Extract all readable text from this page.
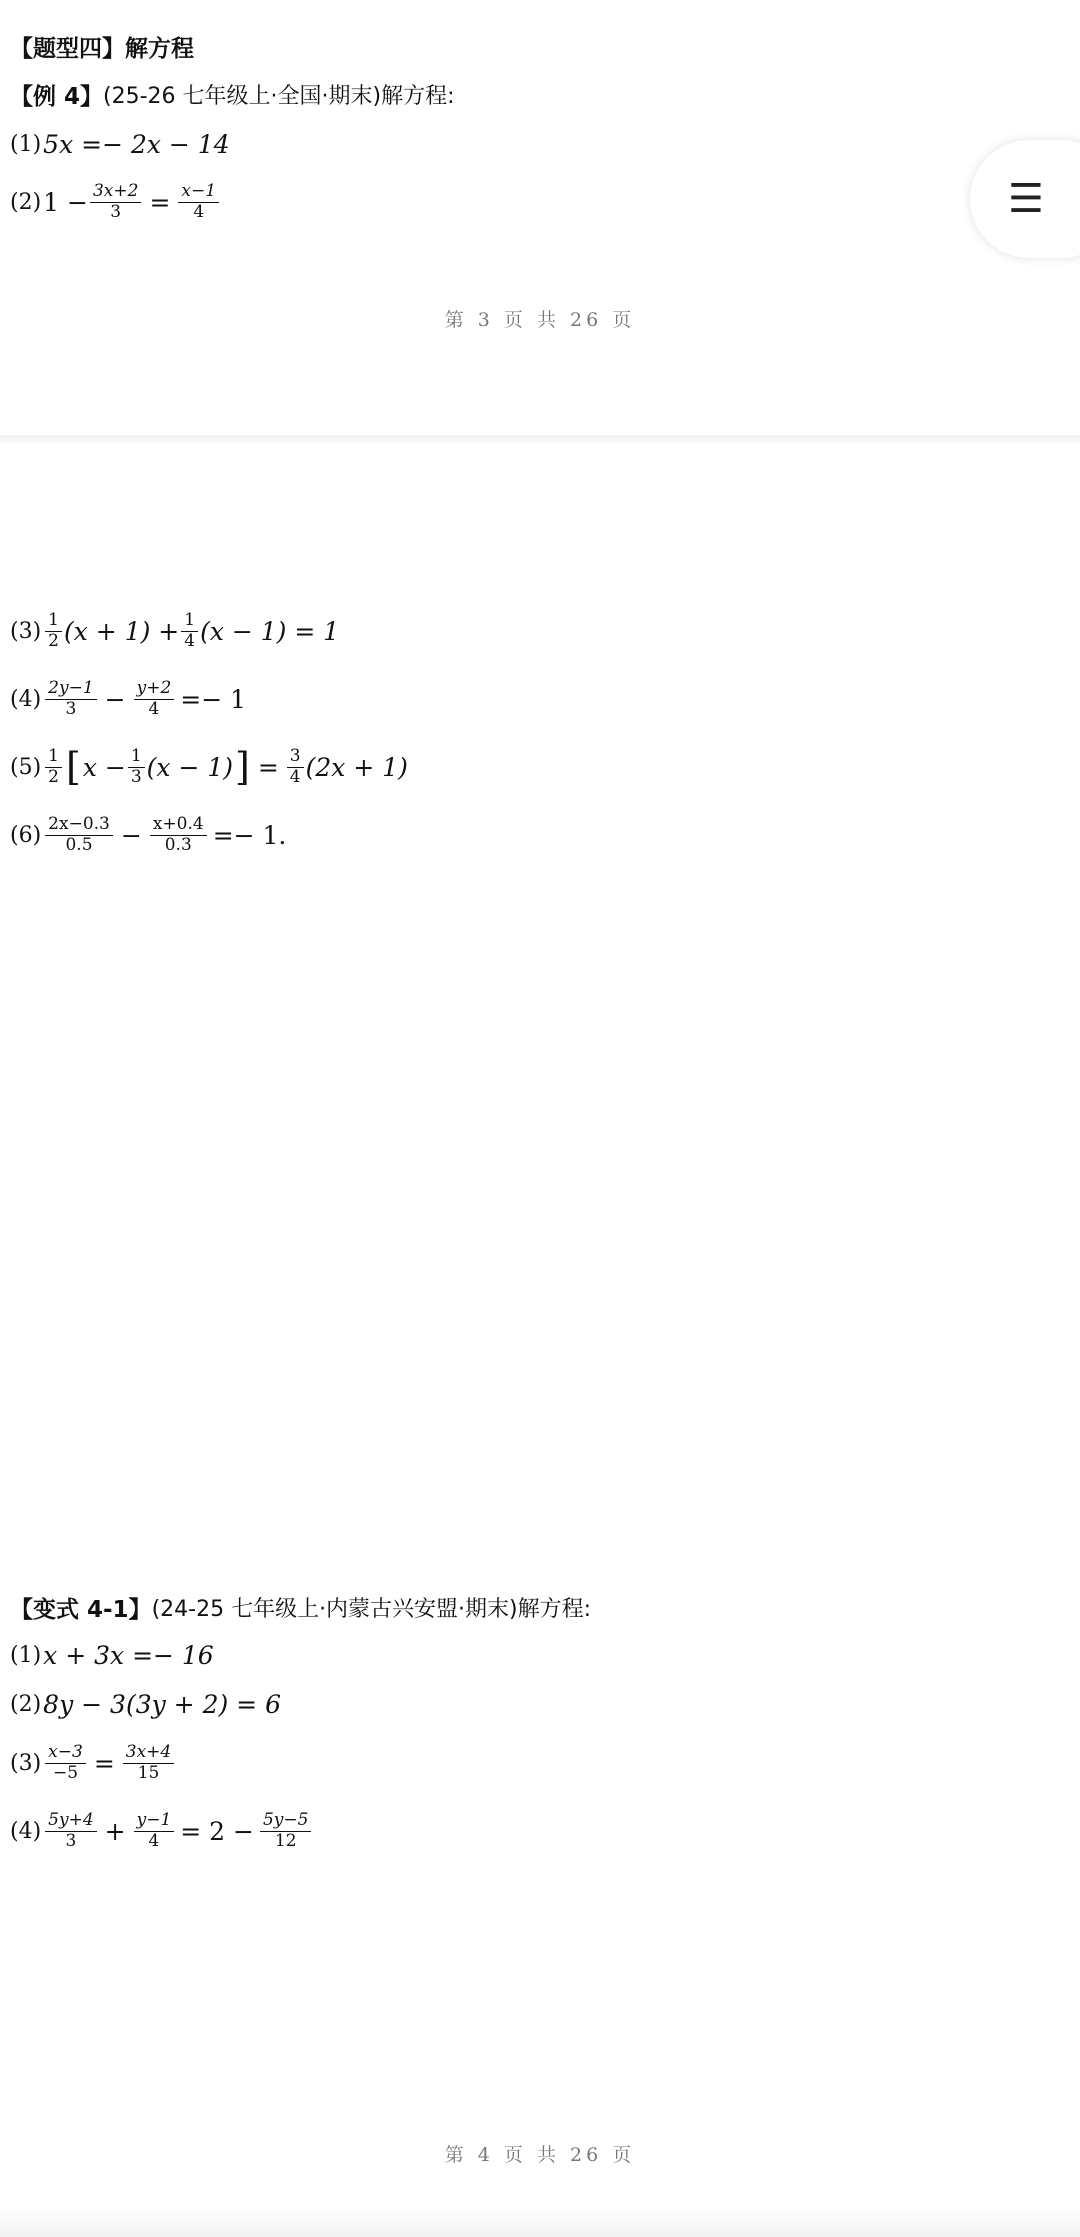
【题型四】解方程
【例 4】 (25-26 七年级上·全国·期末)解方程:
(1) 5x =− 2x − 14
(2) $1 - \frac{3x+2}{3} = \frac{x-1}{4}$
第 3 页 共 26 页
$(3) \frac{1}{2} (x + 1) + \frac{1}{4} (x - 1) = 1$
$(4) \frac{2y-1}{3} - \frac{y+2}{4} =- 1$
$(5) \frac{1}{2}$ [ $x - \frac{1}{3} (x - 1)$ ] = $\frac{3}{4} (2x + 1)$
$(6) \frac{2x-0.3}{0.5} - \frac{x+0.4}{0.3} =- 1$.
【变式 4-1】 (24-25 七年级上·内蒙古兴安盟·期末)解方程:
(1) x + 3x =− 16
(2) 8y − 3(3y + 2) = 6
$(3) \frac{x-3}{-5} = \frac{3x+4}{15}$
$(4) \frac{5y+4}{3} + \frac{y-1}{4} = 2 - \frac{5y-5}{12}$
第 4 页 共 26 页
☰
